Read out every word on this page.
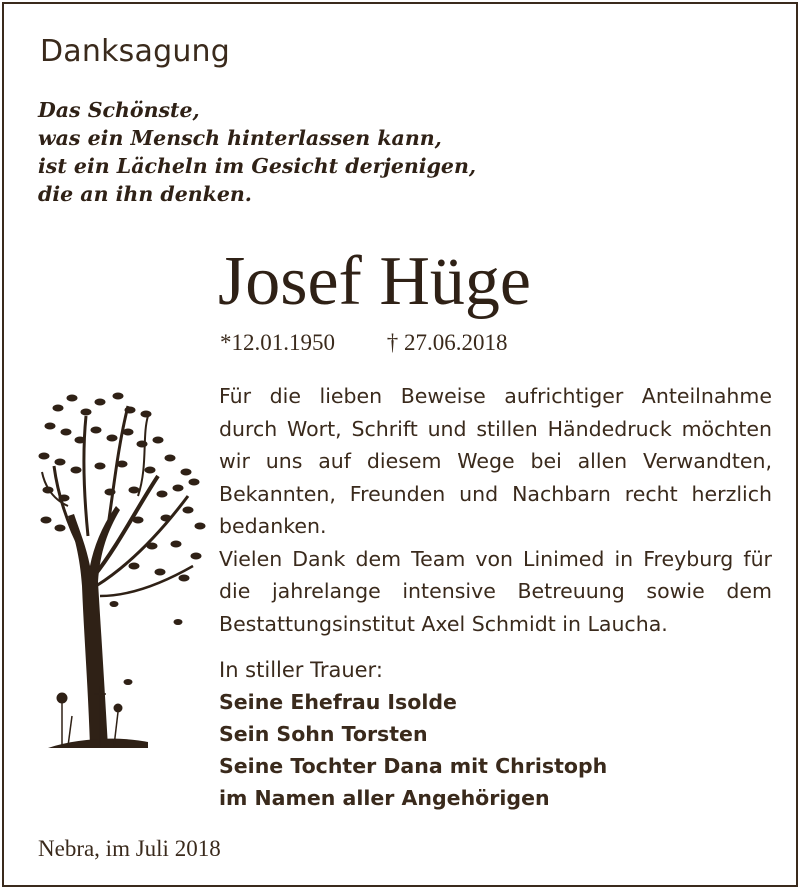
Danksagung
Das Schönste,
was ein Mensch hinterlassen kann,
ist ein Lächeln im Gesicht derjenigen,
die an ihn denken.
Josef Hüge
*12.01.1950 † 27.06.2018

Für die lieben Beweise aufrichtiger Anteilnahme durch Wort, Schrift und stillen Händedruck möchten wir uns auf diesem Wege bei allen Verwandten, Bekannten, Freunden und Nachbarn recht herzlich bedanken.

Vielen Dank dem Team von Linimed in Freyburg für die jahrelange intensive Betreuung sowie dem Bestattungsinstitut Axel Schmidt in Laucha.

In stiller Trauer:
Seine Ehefrau Isolde
Sein Sohn Torsten
Seine Tochter Dana mit Christoph
im Namen aller Angehörigen
Nebra, im Juli 2018
